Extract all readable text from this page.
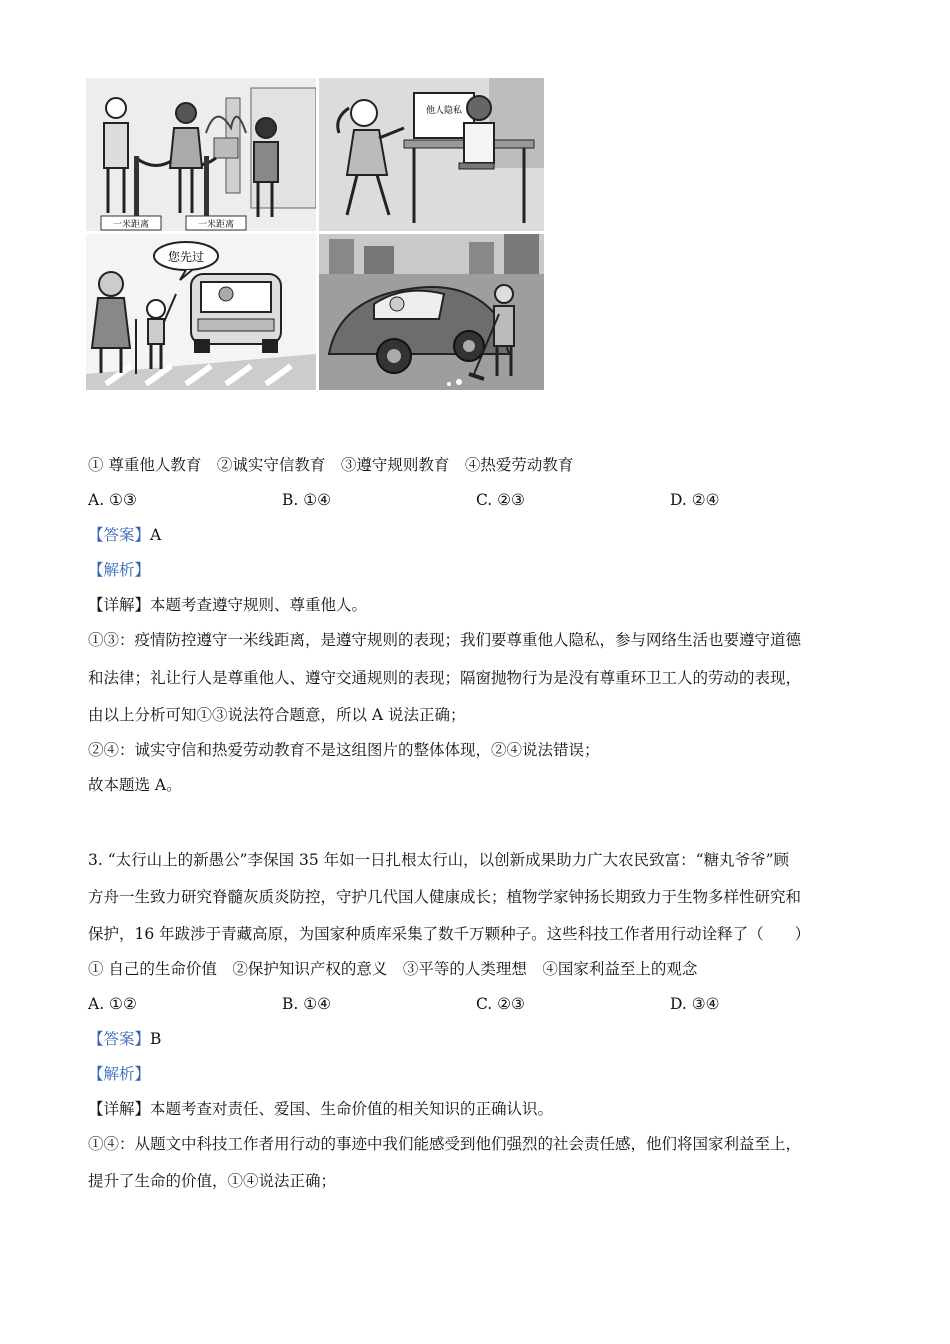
一米距离	一米距离
他人隐私
您先过
① 尊重他人教育　②诚实守信教育　③遵守规则教育　④热爱劳动教育
A. ①③	B. ①④	C. ②③	D. ②④
【答案】A
【解析】
【详解】本题考查遵守规则、尊重他人。
①③：疫情防控遵守一米线距离，是遵守规则的表现；我们要尊重他人隐私，参与网络生活也要遵守道德
和法律；礼让行人是尊重他人、遵守交通规则的表现；隔窗抛物行为是没有尊重环卫工人的劳动的表现，
由以上分析可知①③说法符合题意，所以 A 说法正确；
②④：诚实守信和热爱劳动教育不是这组图片的整体体现，②④说法错误；
故本题选 A。
3. “太行山上的新愚公”李保国 35 年如一日扎根太行山，以创新成果助力广大农民致富：“糖丸爷爷”顾
方舟一生致力研究脊髓灰质炎防控，守护几代国人健康成长；植物学家钟扬长期致力于生物多样性研究和
保护，16 年跋涉于青藏高原，为国家种质库采集了数千万颗种子。这些科技工作者用行动诠释了（　　）
① 自己的生命价值　②保护知识产权的意义　③平等的人类理想　④国家利益至上的观念
A. ①②	B. ①④	C. ②③	D. ③④
【答案】B
【解析】
【详解】本题考查对责任、爱国、生命价值的相关知识的正确认识。
①④：从题文中科技工作者用行动的事迹中我们能感受到他们强烈的社会责任感，他们将国家利益至上，
提升了生命的价值，①④说法正确；
